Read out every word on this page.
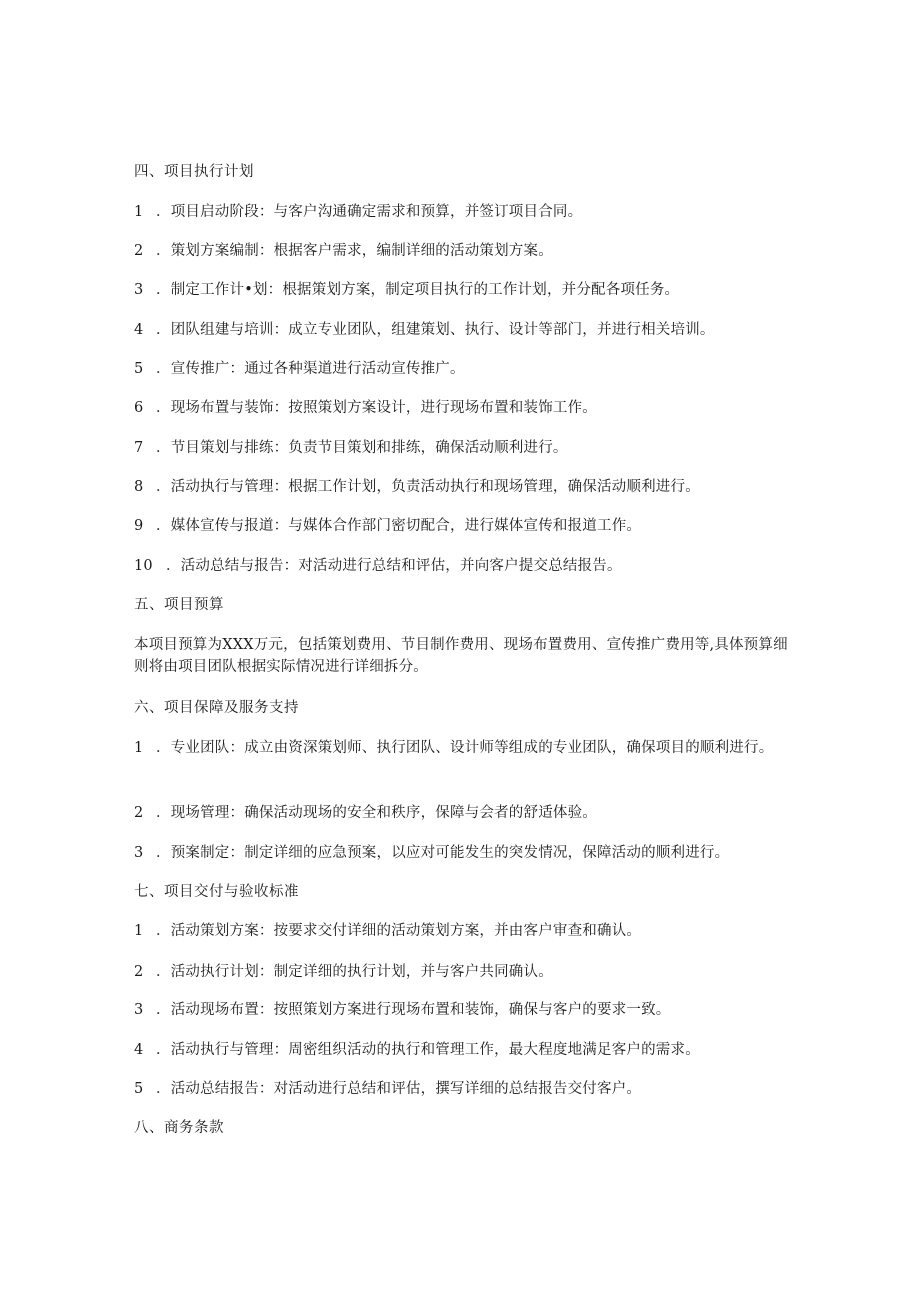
四、项目执行计划
1 ．项目启动阶段：与客户沟通确定需求和预算，并签订项目合同。
2 ．策划方案编制：根据客户需求，编制详细的活动策划方案。
3 ．制定工作计•划：根据策划方案，制定项目执行的工作计划，并分配各项任务。
4 ．团队组建与培训：成立专业团队，组建策划、执行、设计等部门，并进行相关培训。
5 ．宣传推广：通过各种渠道进行活动宣传推广。
6 ．现场布置与装饰：按照策划方案设计，进行现场布置和装饰工作。
7 ．节目策划与排练：负责节目策划和排练，确保活动顺利进行。
8 ．活动执行与管理：根据工作计划，负责活动执行和现场管理，确保活动顺利进行。
9 ．媒体宣传与报道：与媒体合作部门密切配合，进行媒体宣传和报道工作。
10 ．活动总结与报告：对活动进行总结和评估，并向客户提交总结报告。
五、项目预算
本项目预算为XXX万元，包括策划费用、节目制作费用、现场布置费用、宣传推广费用等,具体预算细则将由项目团队根据实际情况进行详细拆分。
六、项目保障及服务支持
1 ．专业团队：成立由资深策划师、执行团队、设计师等组成的专业团队，确保项目的顺利进行。
2 ．现场管理：确保活动现场的安全和秩序，保障与会者的舒适体验。
3 ．预案制定：制定详细的应急预案，以应对可能发生的突发情况，保障活动的顺利进行。
七、项目交付与验收标准
1 ．活动策划方案：按要求交付详细的活动策划方案，并由客户审查和确认。
2 ．活动执行计划：制定详细的执行计划，并与客户共同确认。
3 ．活动现场布置：按照策划方案进行现场布置和装饰，确保与客户的要求一致。
4 ．活动执行与管理：周密组织活动的执行和管理工作，最大程度地满足客户的需求。
5 ．活动总结报告：对活动进行总结和评估，撰写详细的总结报告交付客户。
八、商务条款
